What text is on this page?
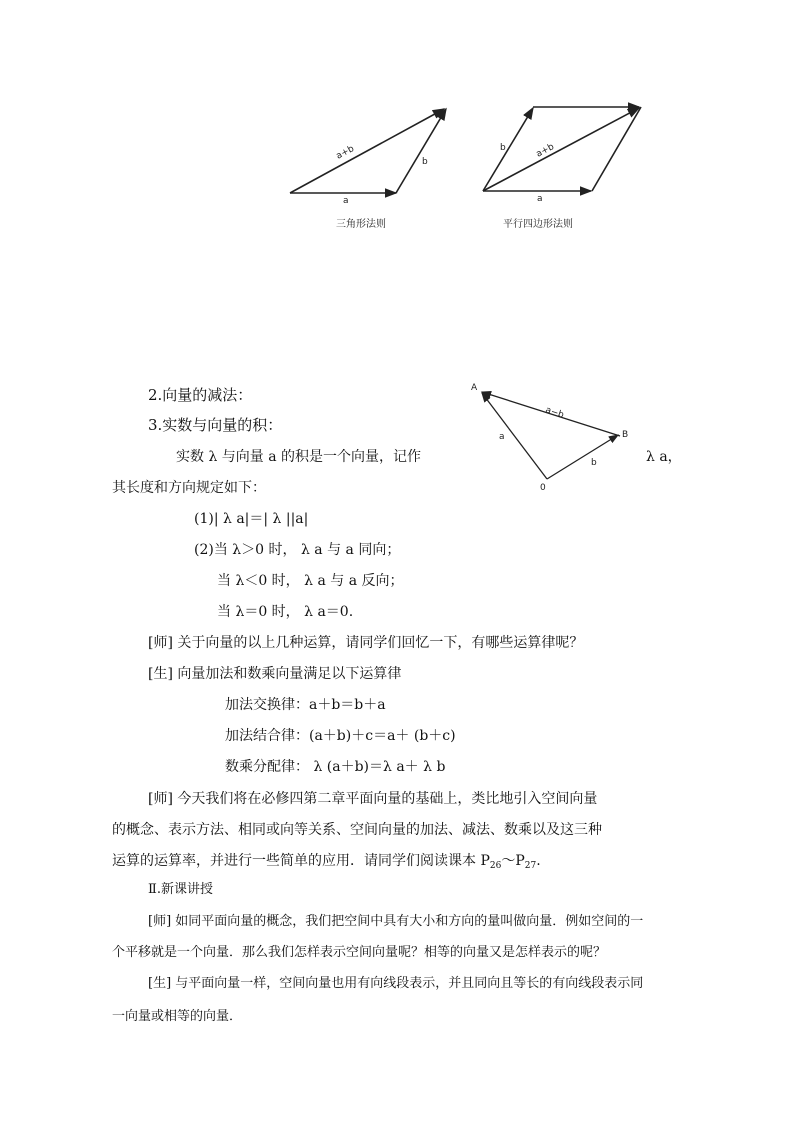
a+b
a
b
三角形法则
b	a+b
a
平行四边形法则
A
B
0
a−b
a
b
2.向量的减法：
3.实数与向量的积：
实数 λ 与向量 a 的积是一个向量，记作	λ a，
其长度和方向规定如下：
(1)| λ a|＝| λ ||a|
(2)当 λ＞0 时， λ a 与 a 同向；
当 λ＜0 时， λ a 与 a 反向；
当 λ＝0 时， λ a＝0.
[师] 关于向量的以上几种运算，请同学们回忆一下，有哪些运算律呢？
[生] 向量加法和数乘向量满足以下运算律
加法交换律：a＋b＝b＋a
加法结合律：(a＋b)＋c＝a＋ (b＋c)
数乘分配律： λ (a＋b)＝λ a＋ λ b
[师] 今天我们将在必修四第二章平面向量的基础上，类比地引入空间向量
的概念、表示方法、相同或向等关系、空间向量的加法、减法、数乘以及这三种
运算的运算率，并进行一些简单的应用．请同学们阅读课本 $P_{26}\sim P_{27}$.
Ⅱ.新课讲授
[师] 如同平面向量的概念，我们把空间中具有大小和方向的量叫做向量．例如空间的一
个平移就是一个向量．那么我们怎样表示空间向量呢？相等的向量又是怎样表示的呢？
[生] 与平面向量一样，空间向量也用有向线段表示，并且同向且等长的有向线段表示同
一向量或相等的向量．
